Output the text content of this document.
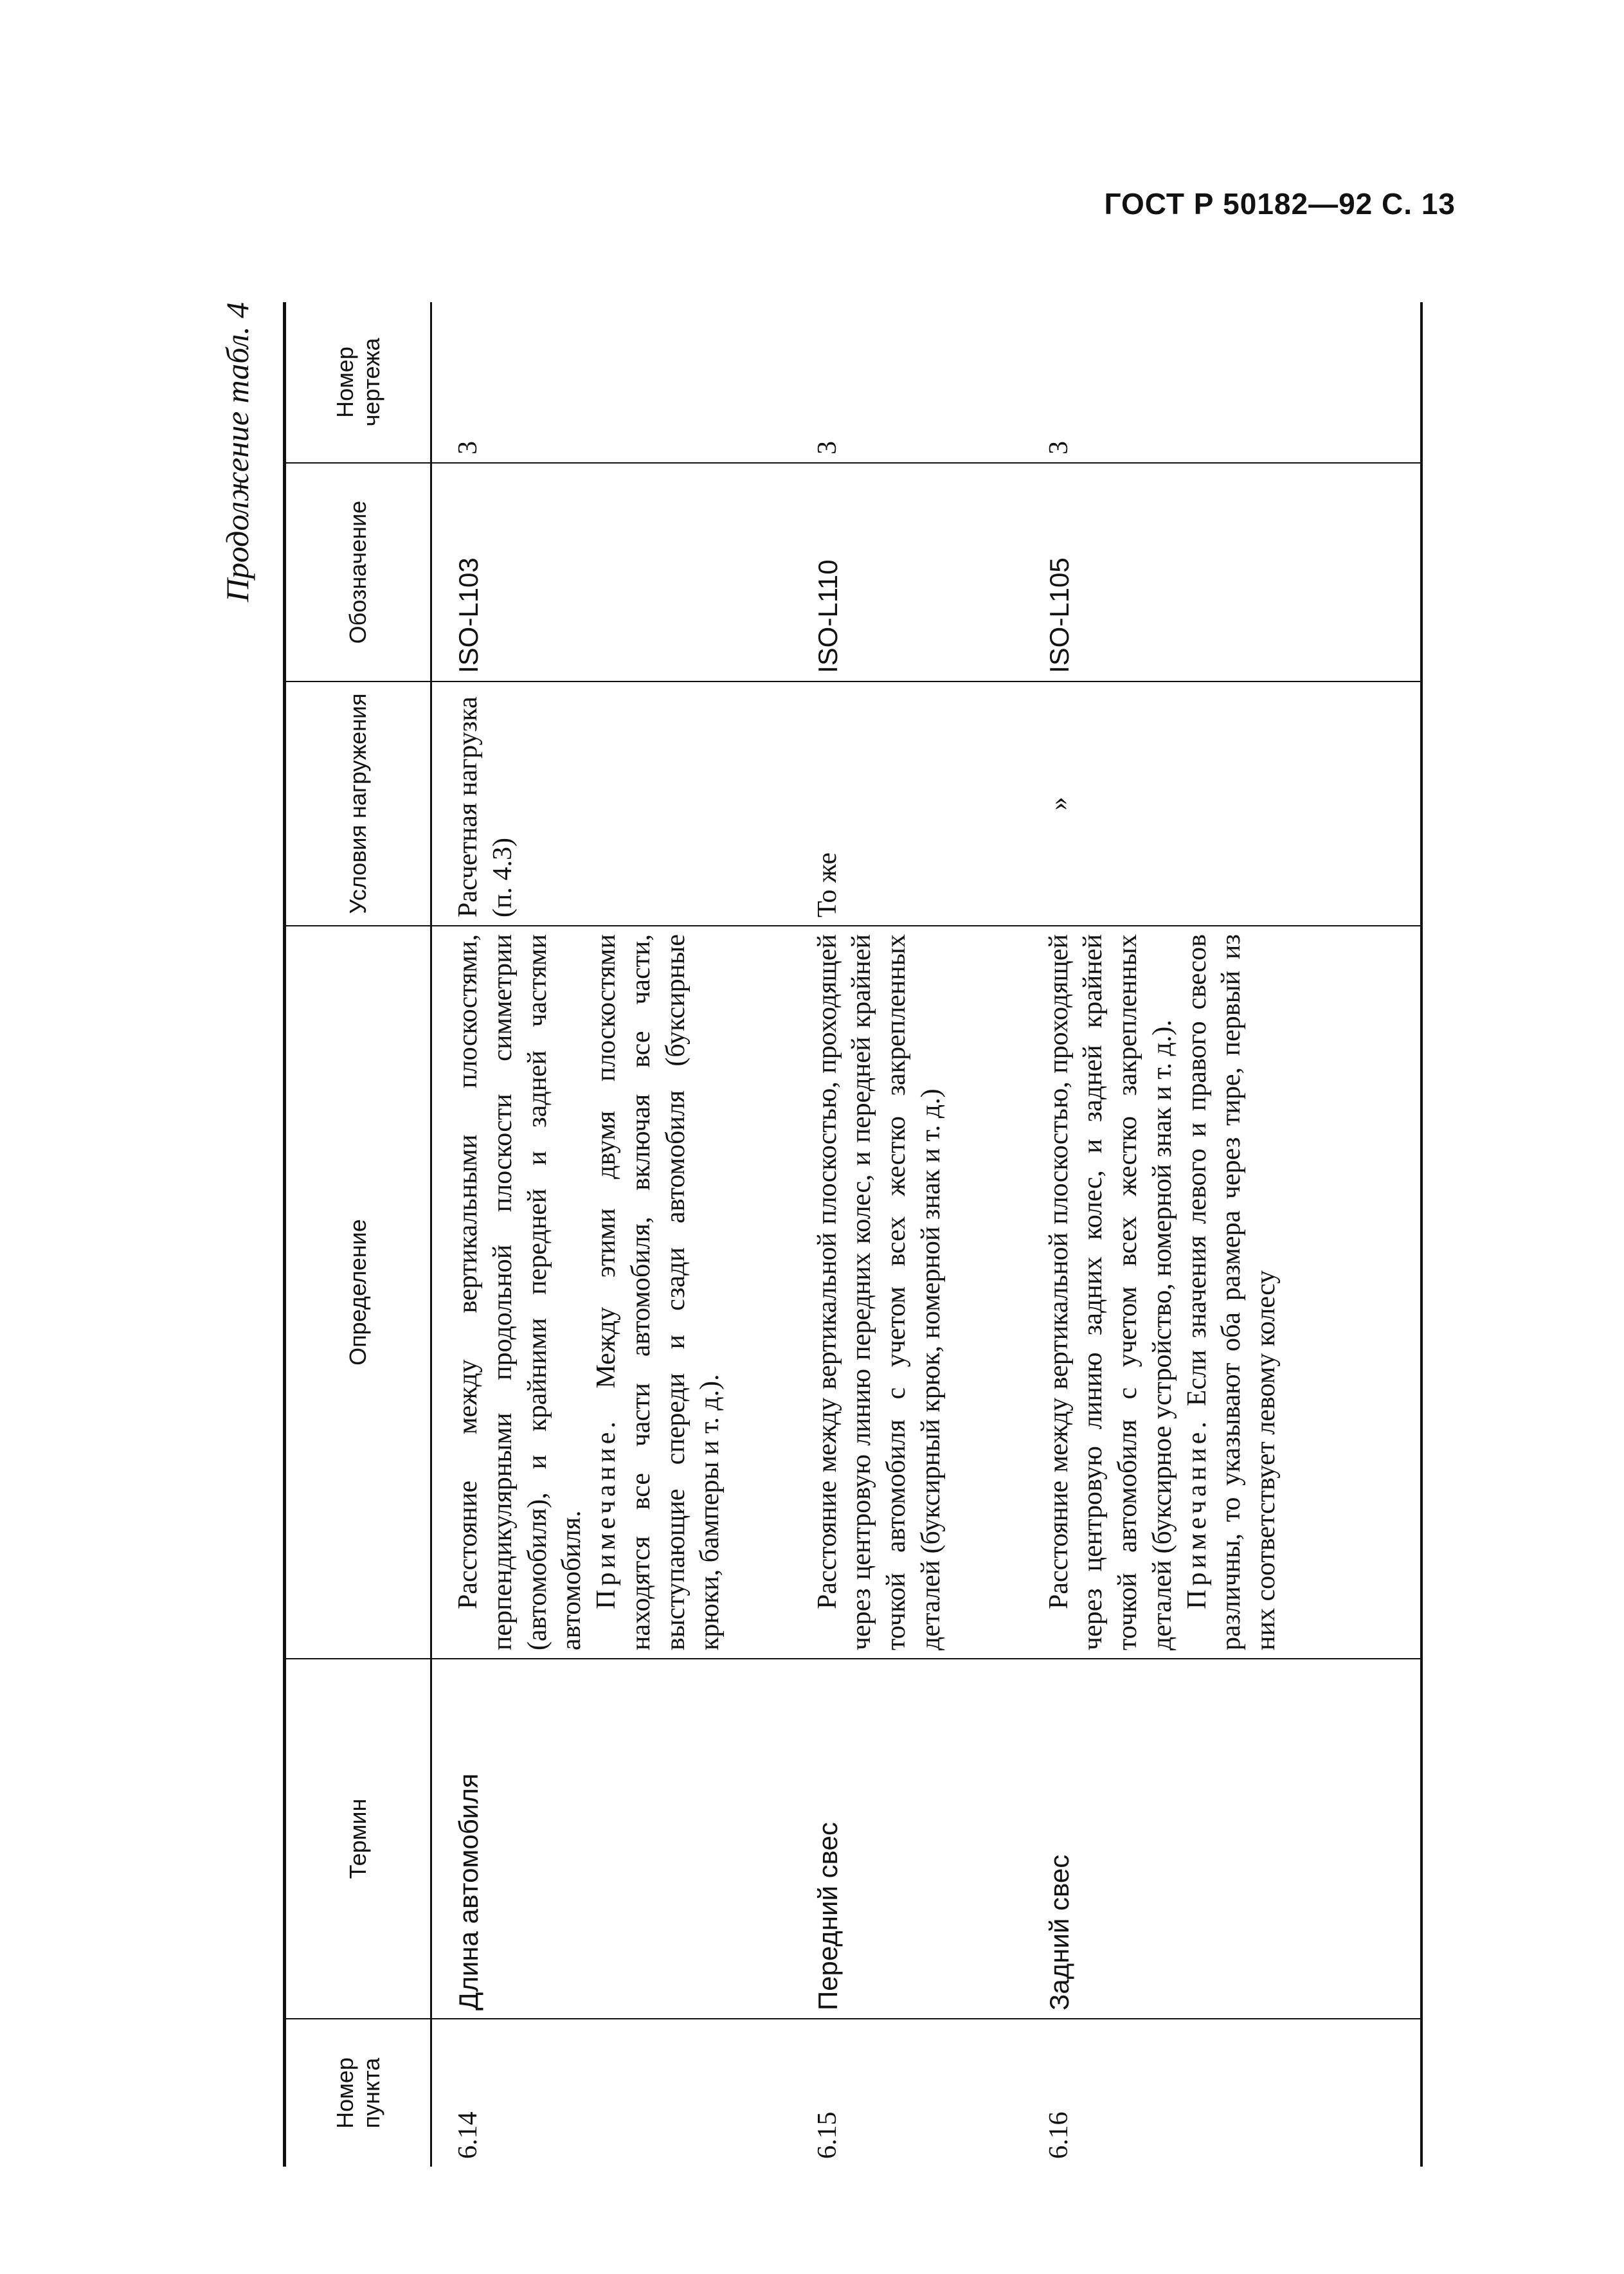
ГОСТ Р 50182—92 С. 13
Продолжение табл. 4
Номер пункта	Термин	Определение	Условия нагружения	Обозначение	Номер чертежа
6.14	Длина автомобиля	Расстояние между вертикальными плоскостями, перпендикулярными продольной плоскости симметрии (автомобиля), и крайними передней и задней частями автомобиля. Примечание. Между этими двумя плоскостями находятся все части автомобиля, включая все части, выступающие спереди и сзади автомобиля (буксирные крюки, бамперы и т. д.).	Расчетная нагрузка (п. 4.3)	ISO-L103	3
6.15	Передний свес	Расстояние между вертикальной плоскостью, проходящей через центровую линию передних колес, и передней крайней точкой автомобиля с учетом всех жестко закрепленных деталей (буксирный крюк, номерной знак и т. д.)	То же	ISO-L110	3
6.16	Задний свес	Расстояние между вертикальной плоскостью, проходящей через центровую линию задних колес, и задней крайней точкой автомобиля с учетом всех жестко закрепленных деталей (буксирное устройство, номерной знак и т. д.). Примечание. Если значения левого и правого свесов различны, то указывают оба размера через тире, первый из них соответствует левому колесу	»	ISO-L105	3
